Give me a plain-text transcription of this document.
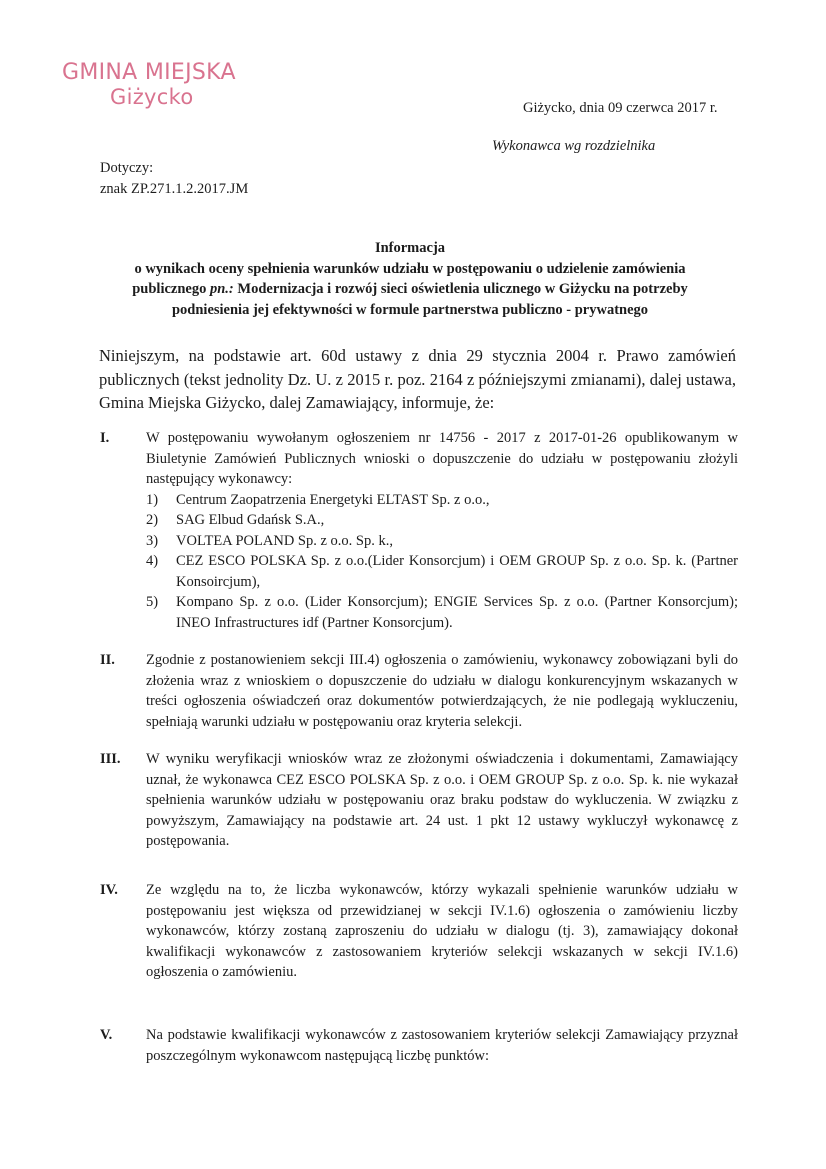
GMINA MIEJSKA
Giżycko	Giżycko, dnia 09 czerwca 2017 r.
Wykonawca wg rozdzielnika
Dotyczy:
znak ZP.271.1.2.2017.JM
Informacja
o wynikach oceny spełnienia warunków udziału w postępowaniu o udzielenie zamówienia
publicznego pn.: Modernizacja i rozwój sieci oświetlenia ulicznego w Giżycku na potrzeby
podniesienia jej efektywności w formule partnerstwa publiczno - prywatnego
Niniejszym, na podstawie art. 60d ustawy z dnia 29 stycznia 2004 r. Prawo zamówień publicznych (tekst jednolity Dz. U. z 2015 r. poz. 2164 z późniejszymi zmianami), dalej ustawa, Gmina Miejska Giżycko, dalej Zamawiający, informuje, że:
I.	W postępowaniu wywołanym ogłoszeniem nr 14756 - 2017 z 2017-01-26 opublikowanym w Biuletynie Zamówień Publicznych wnioski o dopuszczenie do udziału w postępowaniu złożyli następujący wykonawcy:
1) Centrum Zaopatrzenia Energetyki ELTAST Sp. z o.o.,
2) SAG Elbud Gdańsk S.A.,
3) VOLTEA POLAND Sp. z o.o. Sp. k.,
4) CEZ ESCO POLSKA Sp. z o.o.(Lider Konsorcjum) i OEM GROUP Sp. z o.o. Sp. k. (Partner Konsoircjum),
5) Kompano Sp. z o.o. (Lider Konsorcjum); ENGIE Services Sp. z o.o. (Partner Konsorcjum); INEO Infrastructures idf (Partner Konsorcjum).
II.	Zgodnie z postanowieniem sekcji III.4) ogłoszenia o zamówieniu, wykonawcy zobowiązani byli do złożenia wraz z wnioskiem o dopuszczenie do udziału w dialogu konkurencyjnym wskazanych w treści ogłoszenia oświadczeń oraz dokumentów potwierdzających, że nie podlegają wykluczeniu, spełniają warunki udziału w postępowaniu oraz kryteria selekcji.
III.	W wyniku weryfikacji wniosków wraz ze złożonymi oświadczenia i dokumentami, Zamawiający uznał, że wykonawca CEZ ESCO POLSKA Sp. z o.o. i OEM GROUP Sp. z o.o. Sp. k. nie wykazał spełnienia warunków udziału w postępowaniu oraz braku podstaw do wykluczenia. W związku z powyższym, Zamawiający na podstawie art. 24 ust. 1 pkt 12 ustawy wykluczył wykonawcę z postępowania.
IV.	Ze względu na to, że liczba wykonawców, którzy wykazali spełnienie warunków udziału w postępowaniu jest większa od przewidzianej w sekcji IV.1.6) ogłoszenia o zamówieniu liczby wykonawców, którzy zostaną zaproszeniu do udziału w dialogu (tj. 3), zamawiający dokonał kwalifikacji wykonawców z zastosowaniem kryteriów selekcji wskazanych w sekcji IV.1.6) ogłoszenia o zamówieniu.
V.	Na podstawie kwalifikacji wykonawców z zastosowaniem kryteriów selekcji Zamawiający przyznał poszczególnym wykonawcom następującą liczbę punktów:
